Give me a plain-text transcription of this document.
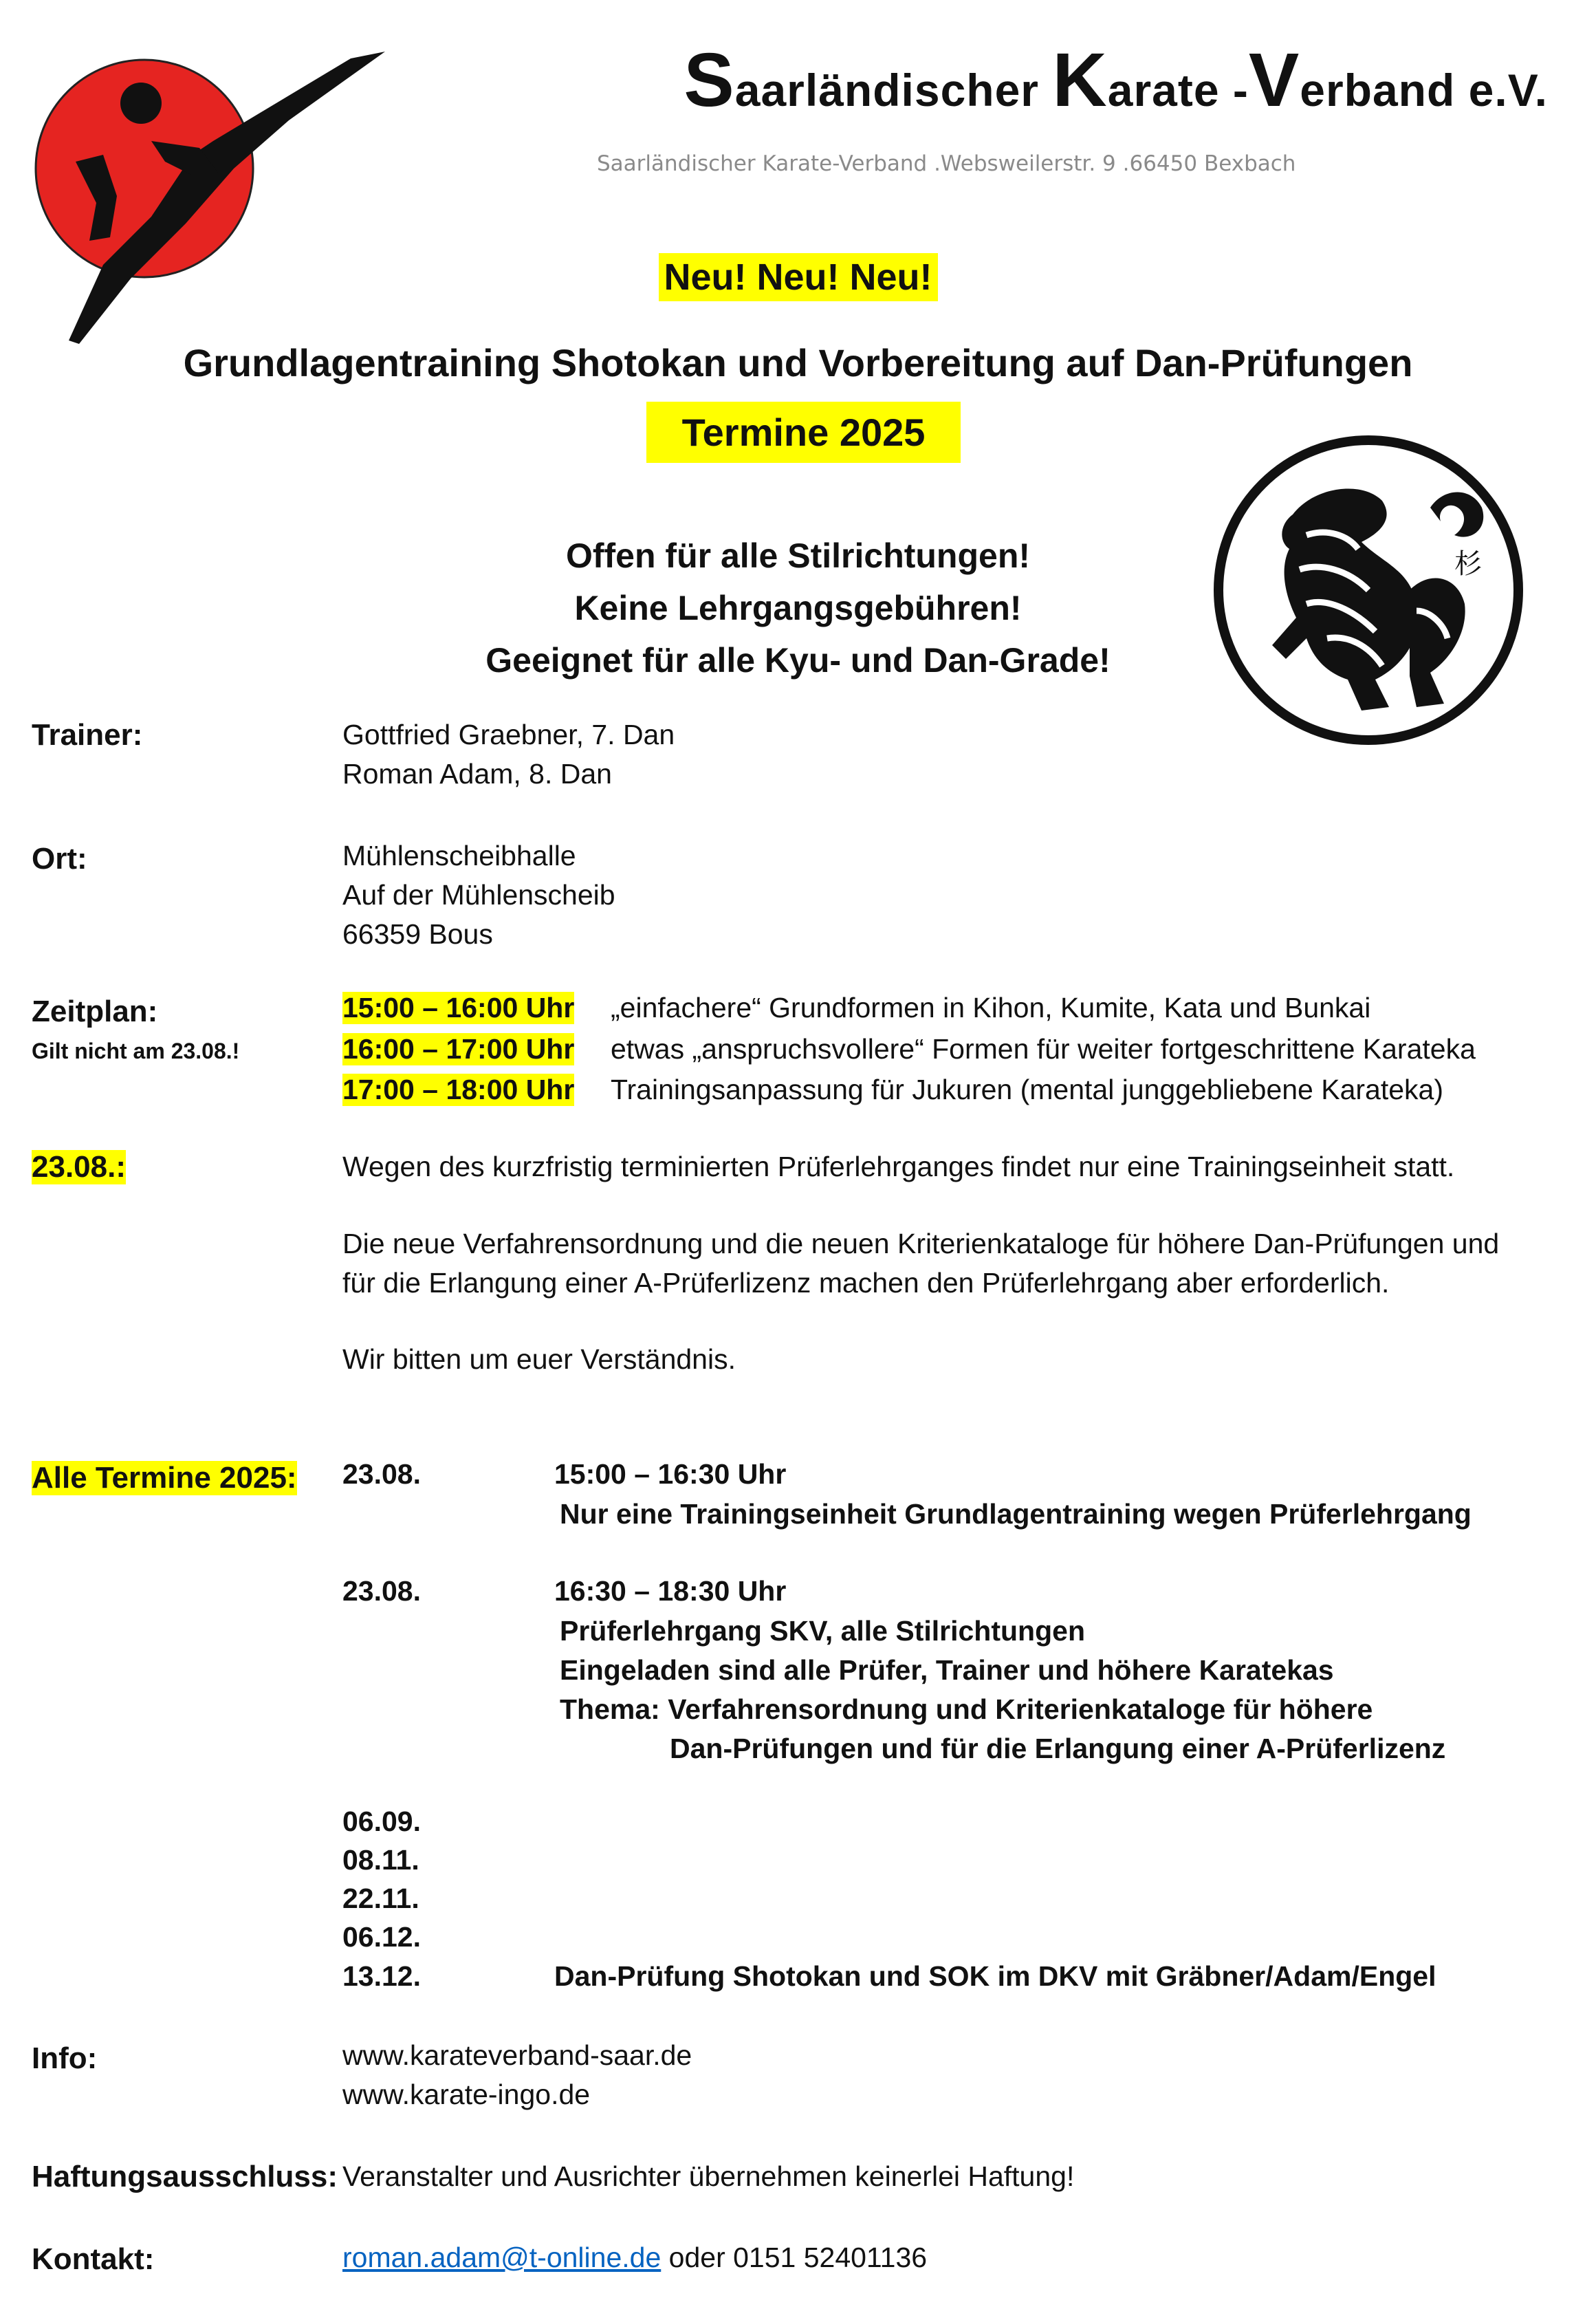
Saarländischer Karate -Verband e.V.
Saarländischer Karate-Verband .Websweilerstr. 9 .66450 Bexbach
Neu! Neu! Neu!
Grundlagentraining Shotokan und Vorbereitung auf Dan-Prüfungen
Termine 2025
杉
Offen für alle Stilrichtungen!
Keine Lehrgangsgebühren!
Geeignet für alle Kyu- und Dan-Grade!
Trainer:	Gottfried Graebner, 7. Dan
Roman Adam, 8. Dan
Ort:	Mühlenscheibhalle
Auf der Mühlenscheib
66359 Bous
Zeitplan:
Gilt nicht am 23.08.!
15:00 – 16:00 Uhr „einfachere“ Grundformen in Kihon, Kumite, Kata und Bunkai
16:00 – 17:00 Uhr etwas „anspruchsvollere“ Formen für weiter fortgeschrittene Karateka
17:00 – 18:00 Uhr Trainingsanpassung für Jukuren (mental junggebliebene Karateka)
23.08.:	Wegen des kurzfristig terminierten Prüferlehrganges findet nur eine Trainingseinheit statt.
Die neue Verfahrensordnung und die neuen Kriterienkataloge für höhere Dan-Prüfungen und
für die Erlangung einer A-Prüferlizenz machen den Prüferlehrgang aber erforderlich.
Wir bitten um euer Verständnis.
Alle Termine 2025: 23.08.	15:00 – 16:30 Uhr
Nur eine Trainingseinheit Grundlagentraining wegen Prüferlehrgang
23.08.	16:30 – 18:30 Uhr
Prüferlehrgang SKV, alle Stilrichtungen
Eingeladen sind alle Prüfer, Trainer und höhere Karatekas
Thema: Verfahrensordnung und Kriterienkataloge für höhere
Dan-Prüfungen und für die Erlangung einer A-Prüferlizenz
06.09.
08.11.
22.11.
06.12.
13.12.	Dan-Prüfung Shotokan und SOK im DKV mit Gräbner/Adam/Engel
Info:	www.karateverband-saar.de
www.karate-ingo.de
Haftungsausschluss: Veranstalter und Ausrichter übernehmen keinerlei Haftung!
Kontakt:	roman.adam@t-online.de oder 0151 52401136
